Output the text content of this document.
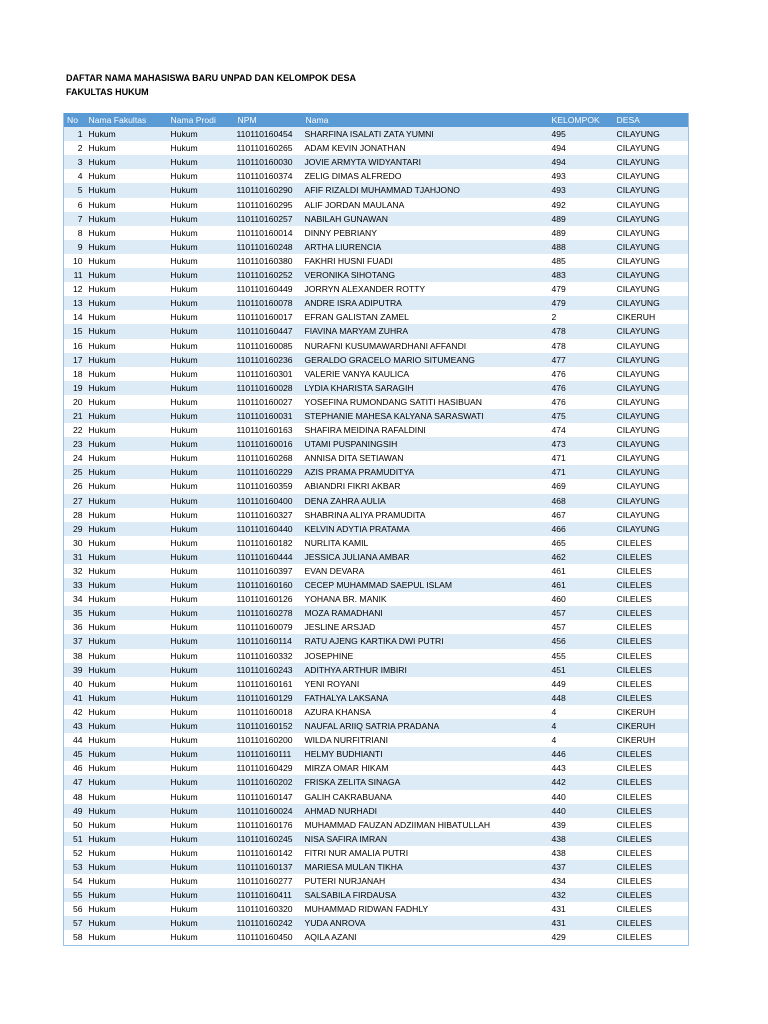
DAFTAR NAMA MAHASISWA BARU UNPAD DAN KELOMPOK DESA
FAKULTAS HUKUM
No	Nama Fakultas	Nama Prodi	NPM	Nama	KELOMPOK	DESA
1	Hukum	Hukum	110110160454	SHARFINA ISALATI ZATA YUMNI	495	CILAYUNG
2	Hukum	Hukum	110110160265	ADAM KEVIN JONATHAN	494	CILAYUNG
3	Hukum	Hukum	110110160030	JOVIE ARMYTA WIDYANTARI	494	CILAYUNG
4	Hukum	Hukum	110110160374	ZELIG DIMAS ALFREDO	493	CILAYUNG
5	Hukum	Hukum	110110160290	AFIF RIZALDI MUHAMMAD TJAHJONO	493	CILAYUNG
6	Hukum	Hukum	110110160295	ALIF JORDAN MAULANA	492	CILAYUNG
7	Hukum	Hukum	110110160257	NABILAH GUNAWAN	489	CILAYUNG
8	Hukum	Hukum	110110160014	DINNY PEBRIANY	489	CILAYUNG
9	Hukum	Hukum	110110160248	ARTHA LIURENCIA	488	CILAYUNG
10	Hukum	Hukum	110110160380	FAKHRI HUSNI FUADI	485	CILAYUNG
11	Hukum	Hukum	110110160252	VERONIKA SIHOTANG	483	CILAYUNG
12	Hukum	Hukum	110110160449	JORRYN ALEXANDER ROTTY	479	CILAYUNG
13	Hukum	Hukum	110110160078	ANDRE ISRA ADIPUTRA	479	CILAYUNG
14	Hukum	Hukum	110110160017	EFRAN GALISTAN ZAMEL	2	CIKERUH
15	Hukum	Hukum	110110160447	FIAVINA MARYAM ZUHRA	478	CILAYUNG
16	Hukum	Hukum	110110160085	NURAFNI KUSUMAWARDHANI AFFANDI	478	CILAYUNG
17	Hukum	Hukum	110110160236	GERALDO GRACELO MARIO SITUMEANG	477	CILAYUNG
18	Hukum	Hukum	110110160301	VALERIE VANYA KAULICA	476	CILAYUNG
19	Hukum	Hukum	110110160028	LYDIA KHARISTA SARAGIH	476	CILAYUNG
20	Hukum	Hukum	110110160027	YOSEFINA RUMONDANG SATITI HASIBUAN	476	CILAYUNG
21	Hukum	Hukum	110110160031	STEPHANIE MAHESA KALYANA SARASWATI	475	CILAYUNG
22	Hukum	Hukum	110110160163	SHAFIRA MEIDINA RAFALDINI	474	CILAYUNG
23	Hukum	Hukum	110110160016	UTAMI PUSPANINGSIH	473	CILAYUNG
24	Hukum	Hukum	110110160268	ANNISA DITA SETIAWAN	471	CILAYUNG
25	Hukum	Hukum	110110160229	AZIS PRAMA PRAMUDITYA	471	CILAYUNG
26	Hukum	Hukum	110110160359	ABIANDRI FIKRI AKBAR	469	CILAYUNG
27	Hukum	Hukum	110110160400	DENA ZAHRA AULIA	468	CILAYUNG
28	Hukum	Hukum	110110160327	SHABRINA ALIYA PRAMUDITA	467	CILAYUNG
29	Hukum	Hukum	110110160440	KELVIN ADYTIA PRATAMA	466	CILAYUNG
30	Hukum	Hukum	110110160182	NURLITA KAMIL	465	CILELES
31	Hukum	Hukum	110110160444	JESSICA JULIANA AMBAR	462	CILELES
32	Hukum	Hukum	110110160397	EVAN DEVARA	461	CILELES
33	Hukum	Hukum	110110160160	CECEP MUHAMMAD SAEPUL ISLAM	461	CILELES
34	Hukum	Hukum	110110160126	YOHANA BR. MANIK	460	CILELES
35	Hukum	Hukum	110110160278	MOZA RAMADHANI	457	CILELES
36	Hukum	Hukum	110110160079	JESLINE ARSJAD	457	CILELES
37	Hukum	Hukum	110110160114	RATU AJENG KARTIKA DWI PUTRI	456	CILELES
38	Hukum	Hukum	110110160332	JOSEPHINE	455	CILELES
39	Hukum	Hukum	110110160243	ADITHYA ARTHUR IMBIRI	451	CILELES
40	Hukum	Hukum	110110160161	YENI ROYANI	449	CILELES
41	Hukum	Hukum	110110160129	FATHALYA LAKSANA	448	CILELES
42	Hukum	Hukum	110110160018	AZURA KHANSA	4	CIKERUH
43	Hukum	Hukum	110110160152	NAUFAL ARIIQ SATRIA PRADANA	4	CIKERUH
44	Hukum	Hukum	110110160200	WILDA NURFITRIANI	4	CIKERUH
45	Hukum	Hukum	110110160111	HELMY BUDHIANTI	446	CILELES
46	Hukum	Hukum	110110160429	MIRZA OMAR HIKAM	443	CILELES
47	Hukum	Hukum	110110160202	FRISKA ZELITA SINAGA	442	CILELES
48	Hukum	Hukum	110110160147	GALIH CAKRABUANA	440	CILELES
49	Hukum	Hukum	110110160024	AHMAD NURHADI	440	CILELES
50	Hukum	Hukum	110110160176	MUHAMMAD FAUZAN ADZIIMAN HIBATULLAH	439	CILELES
51	Hukum	Hukum	110110160245	NISA SAFIRA IMRAN	438	CILELES
52	Hukum	Hukum	110110160142	FITRI NUR AMALIA PUTRI	438	CILELES
53	Hukum	Hukum	110110160137	MARIESA MULAN TIKHA	437	CILELES
54	Hukum	Hukum	110110160277	PUTERI NURJANAH	434	CILELES
55	Hukum	Hukum	110110160411	SALSABILA FIRDAUSA	432	CILELES
56	Hukum	Hukum	110110160320	MUHAMMAD RIDWAN FADHLY	431	CILELES
57	Hukum	Hukum	110110160242	YUDA ANROVA	431	CILELES
58	Hukum	Hukum	110110160450	AQILA AZANI	429	CILELES
